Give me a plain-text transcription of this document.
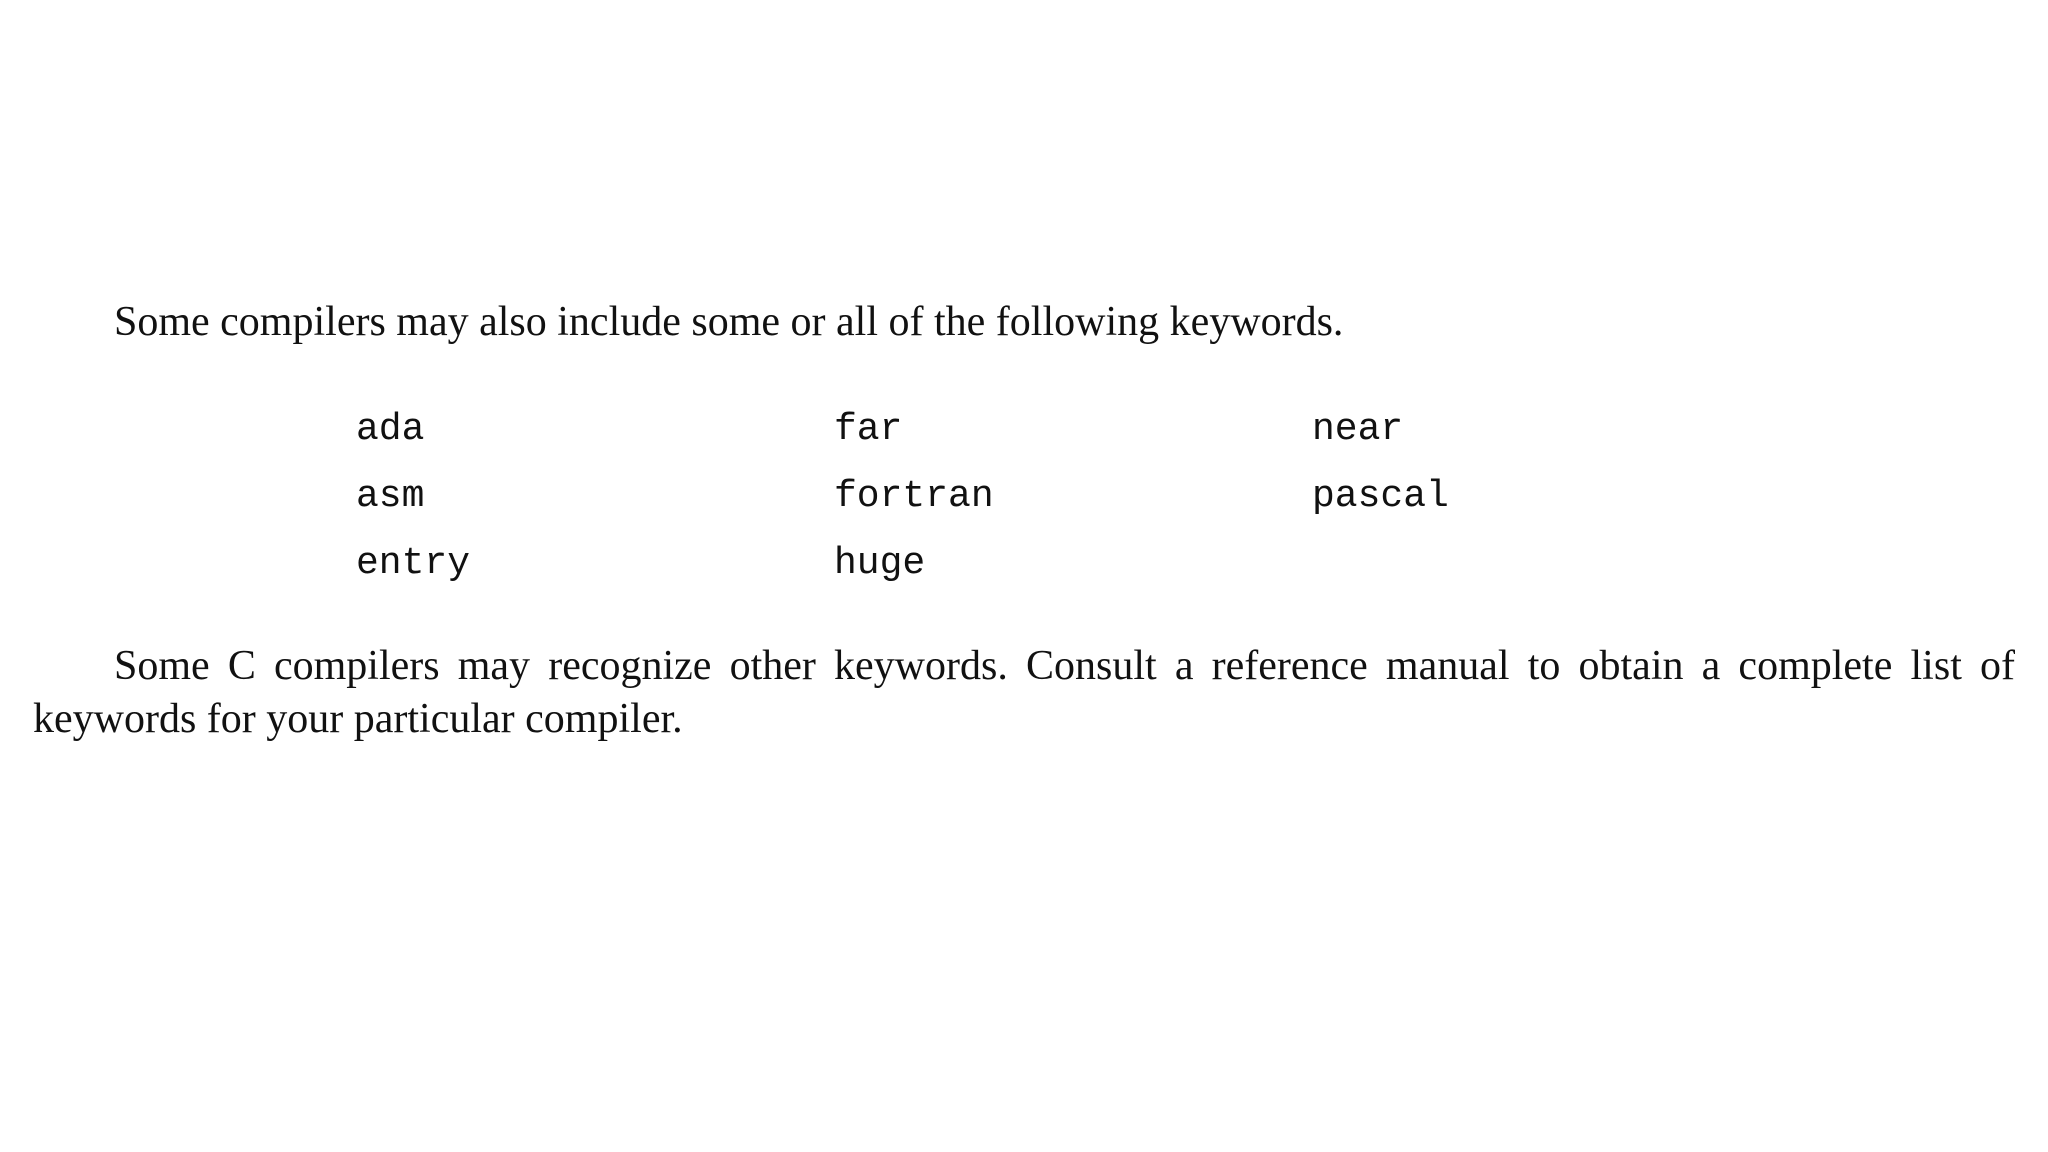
Some compilers may also include some or all of the following keywords.

ada	far	near
asm	fortran	pascal
entry	huge

Some C compilers may recognize other keywords. Consult a reference manual to obtain a complete list of keywords for your particular compiler.
